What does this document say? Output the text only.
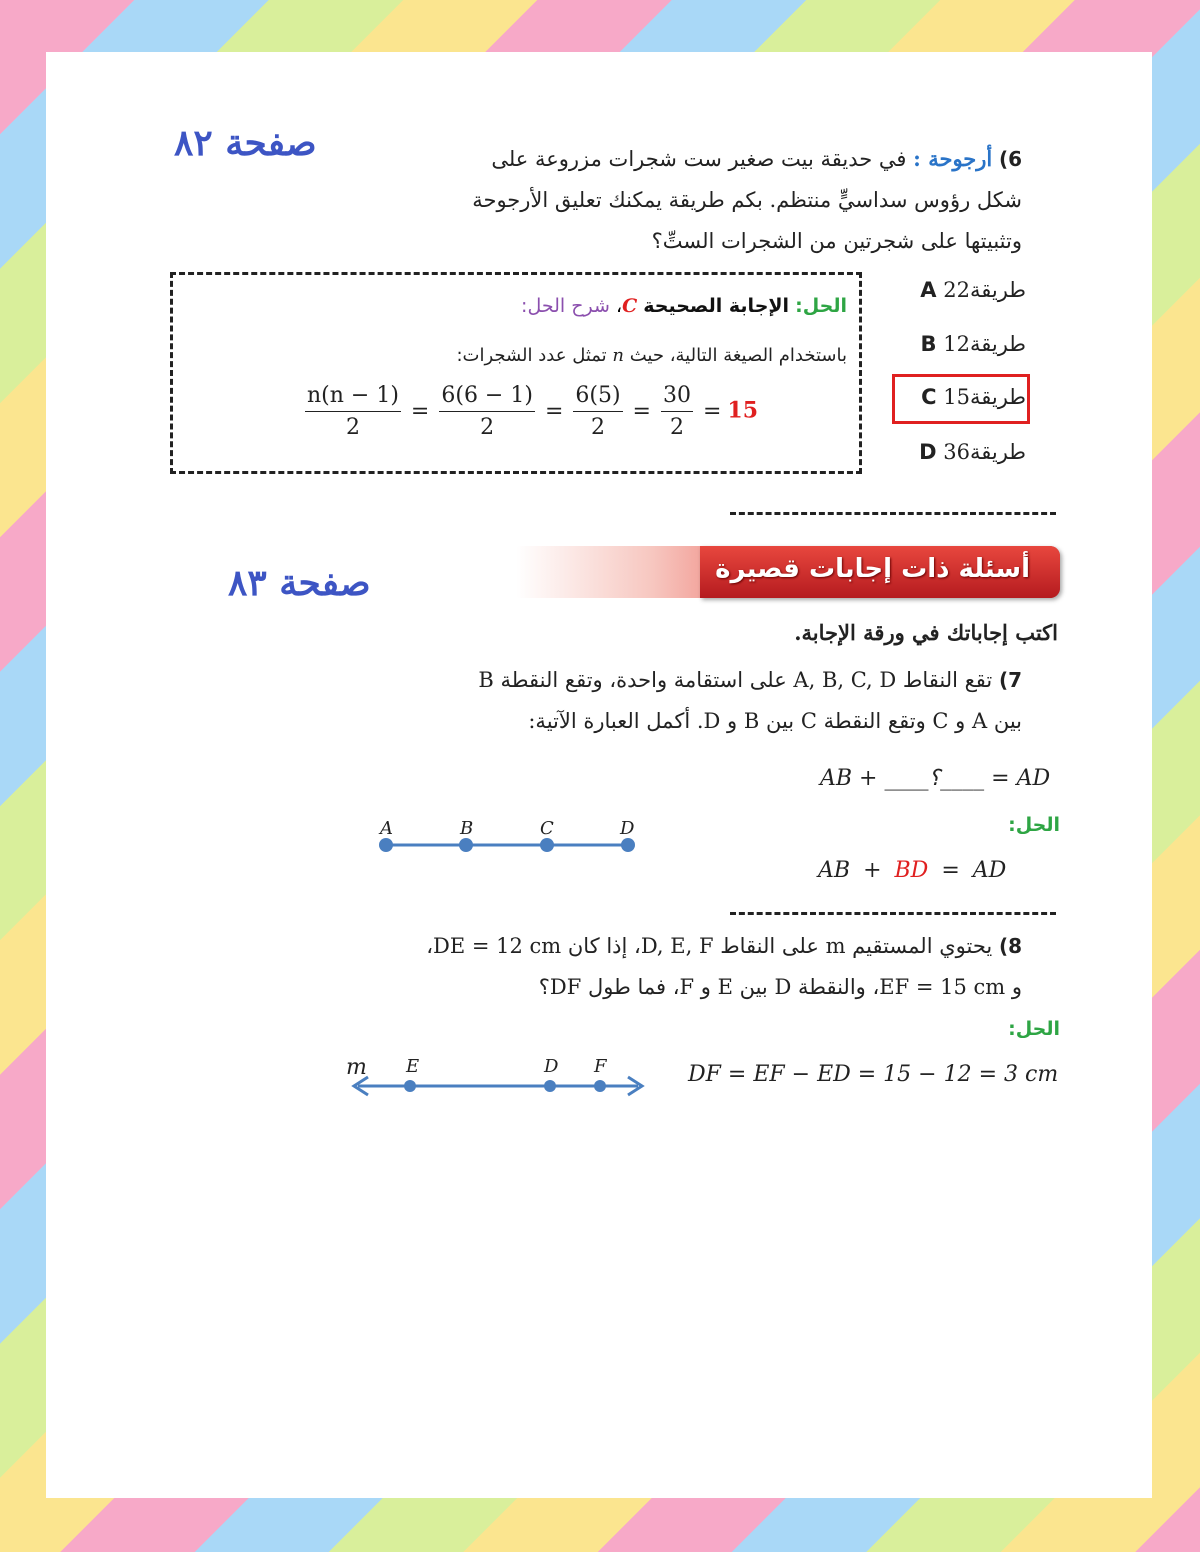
صفحة ٨٢	6) أرجوحة : في حديقة بيت صغير ست شجرات مزروعة على
شكل رؤوس سداسيٍّ منتظم. بكم طريقة يمكنك تعليق الأرجوحة
وتثبيتها على شجرتين من الشجرات الستِّ؟
A 22طريقة
B 12طريقة
C 15طريقة
D 36طريقة
الحل: الإجابة الصحيحة C، شرح الحل:
باستخدام الصيغة التالية، حيث n تمثل عدد الشجرات:
$\frac{n(n - 1)}{2} = \frac{6(6 - 1)}{2} = \frac{6(5)}{2} = \frac{30}{2} = 15$
صفحة ٨٣	أسئلة ذات إجابات قصيرة
اكتب إجاباتك في ورقة الإجابة.
7) تقع النقاط A, B, C, D على استقامة واحدة، وتقع النقطة B
بين A و C وتقع النقطة C بين B و D. أكمل العبارة الآتية:
AB + ____؟____ = AD
الحل:
A	B	C	D
AB + BD = AD
8) يحتوي المستقيم m على النقاط D, E, F، إذا كان DE = 12 cm،
و EF = 15 cm، والنقطة D بين E و F، فما طول DF؟
الحل:
m E	D F	DF = EF − ED = 15 − 12 = 3 cm
